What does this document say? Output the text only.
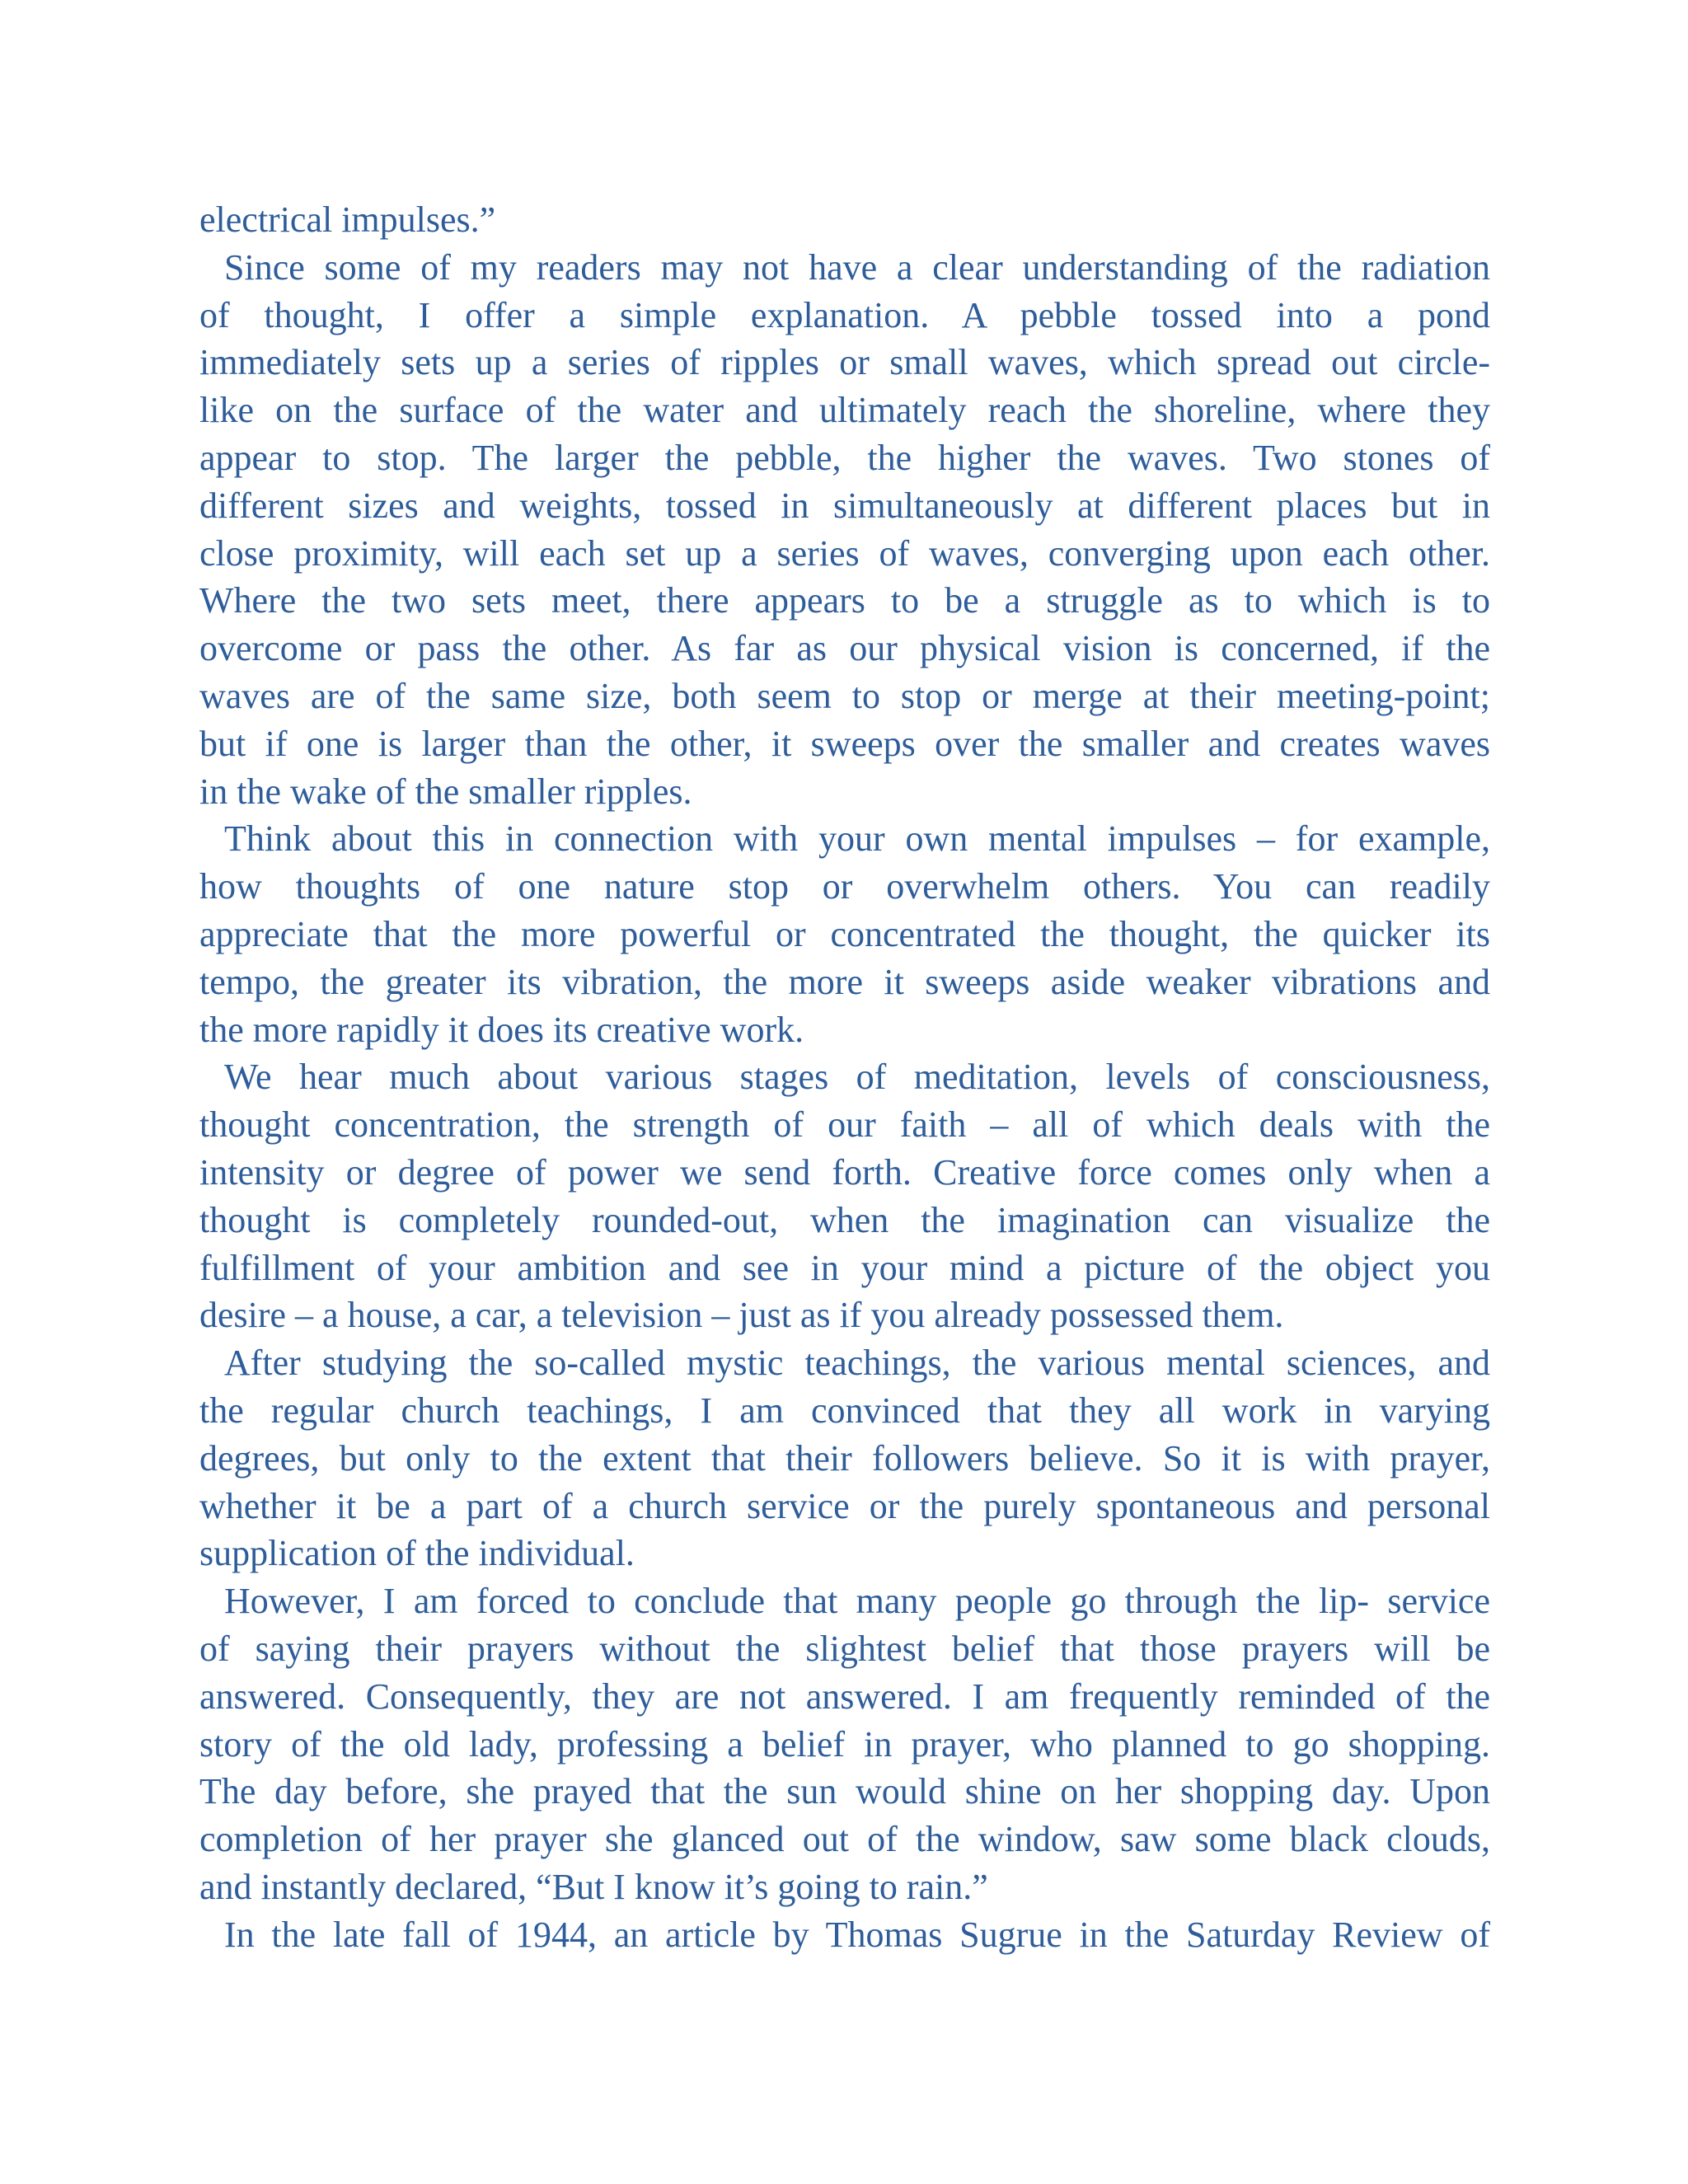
electrical impulses.”
Since some of my readers may not have a clear understanding of the radiation
of thought, I offer a simple explanation. A pebble tossed into a pond
immediately sets up a series of ripples or small waves, which spread out circle-
like on the surface of the water and ultimately reach the shoreline, where they
appear to stop. The larger the pebble, the higher the waves. Two stones of
different sizes and weights, tossed in simultaneously at different places but in
close proximity, will each set up a series of waves, converging upon each other.
Where the two sets meet, there appears to be a struggle as to which is to
overcome or pass the other. As far as our physical vision is concerned, if the
waves are of the same size, both seem to stop or merge at their meeting-point;
but if one is larger than the other, it sweeps over the smaller and creates waves
in the wake of the smaller ripples.
Think about this in connection with your own mental impulses – for example,
how thoughts of one nature stop or overwhelm others. You can readily
appreciate that the more powerful or concentrated the thought, the quicker its
tempo, the greater its vibration, the more it sweeps aside weaker vibrations and
the more rapidly it does its creative work.
We hear much about various stages of meditation, levels of consciousness,
thought concentration, the strength of our faith – all of which deals with the
intensity or degree of power we send forth. Creative force comes only when a
thought is completely rounded-out, when the imagination can visualize the
fulfillment of your ambition and see in your mind a picture of the object you
desire – a house, a car, a television – just as if you already possessed them.
After studying the so-called mystic teachings, the various mental sciences, and
the regular church teachings, I am convinced that they all work in varying
degrees, but only to the extent that their followers believe. So it is with prayer,
whether it be a part of a church service or the purely spontaneous and personal
supplication of the individual.
However, I am forced to conclude that many people go through the lip- service
of saying their prayers without the slightest belief that those prayers will be
answered. Consequently, they are not answered. I am frequently reminded of the
story of the old lady, professing a belief in prayer, who planned to go shopping.
The day before, she prayed that the sun would shine on her shopping day. Upon
completion of her prayer she glanced out of the window, saw some black clouds,
and instantly declared, “But I know it’s going to rain.”
In the late fall of 1944, an article by Thomas Sugrue in the Saturday Review of
